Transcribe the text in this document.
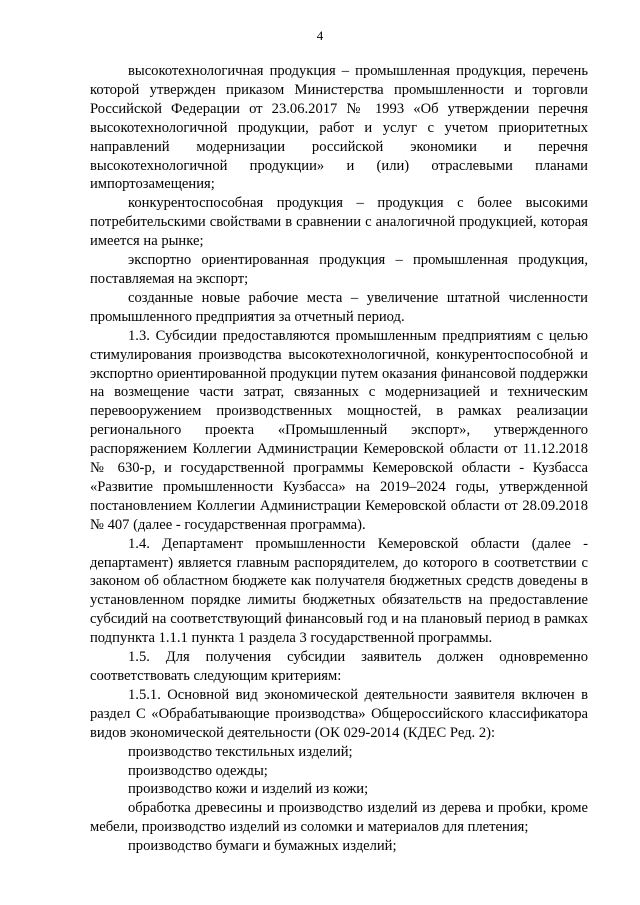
4

высокотехнологичная продукция – промышленная продукция, перечень которой утвержден приказом Министерства промышленности и торговли Российской Федерации от 23.06.2017 № 1993 «Об утверждении перечня высокотехнологичной продукции, работ и услуг с учетом приоритетных направлений модернизации российской экономики и перечня высокотехнологичной продукции» и (или) отраслевыми планами импортозамещения;

конкурентоспособная продукция – продукция с более высокими потребительскими свойствами в сравнении с аналогичной продукцией, которая имеется на рынке;

экспортно ориентированная продукция – промышленная продукция, поставляемая на экспорт;

созданные новые рабочие места – увеличение штатной численности промышленного предприятия за отчетный период.

1.3. Субсидии предоставляются промышленным предприятиям с целью стимулирования производства высокотехнологичной, конкурентоспособной и экспортно ориентированной продукции путем оказания финансовой поддержки на возмещение части затрат, связанных с модернизацией и техническим перевооружением производственных мощностей, в рамках реализации регионального проекта «Промышленный экспорт», утвержденного распоряжением Коллегии Администрации Кемеровской области от 11.12.2018 № 630-р, и государственной программы Кемеровской области - Кузбасса «Развитие промышленности Кузбасса» на 2019–2024 годы, утвержденной постановлением Коллегии Администрации Кемеровской области от 28.09.2018 № 407 (далее - государственная программа).

1.4. Департамент промышленности Кемеровской области (далее - департамент) является главным распорядителем, до которого в соответствии с законом об областном бюджете как получателя бюджетных средств доведены в установленном порядке лимиты бюджетных обязательств на предоставление субсидий на соответствующий финансовый год и на плановый период в рамках подпункта 1.1.1 пункта 1 раздела 3 государственной программы.

1.5. Для получения субсидии заявитель должен одновременно соответствовать следующим критериям:

1.5.1. Основной вид экономической деятельности заявителя включен в раздел С «Обрабатывающие производства» Общероссийского классификатора видов экономической деятельности (ОК 029-2014 (КДЕС Ред. 2):

производство текстильных изделий;

производство одежды;

производство кожи и изделий из кожи;

обработка древесины и производство изделий из дерева и пробки, кроме мебели, производство изделий из соломки и материалов для плетения;

производство бумаги и бумажных изделий;
